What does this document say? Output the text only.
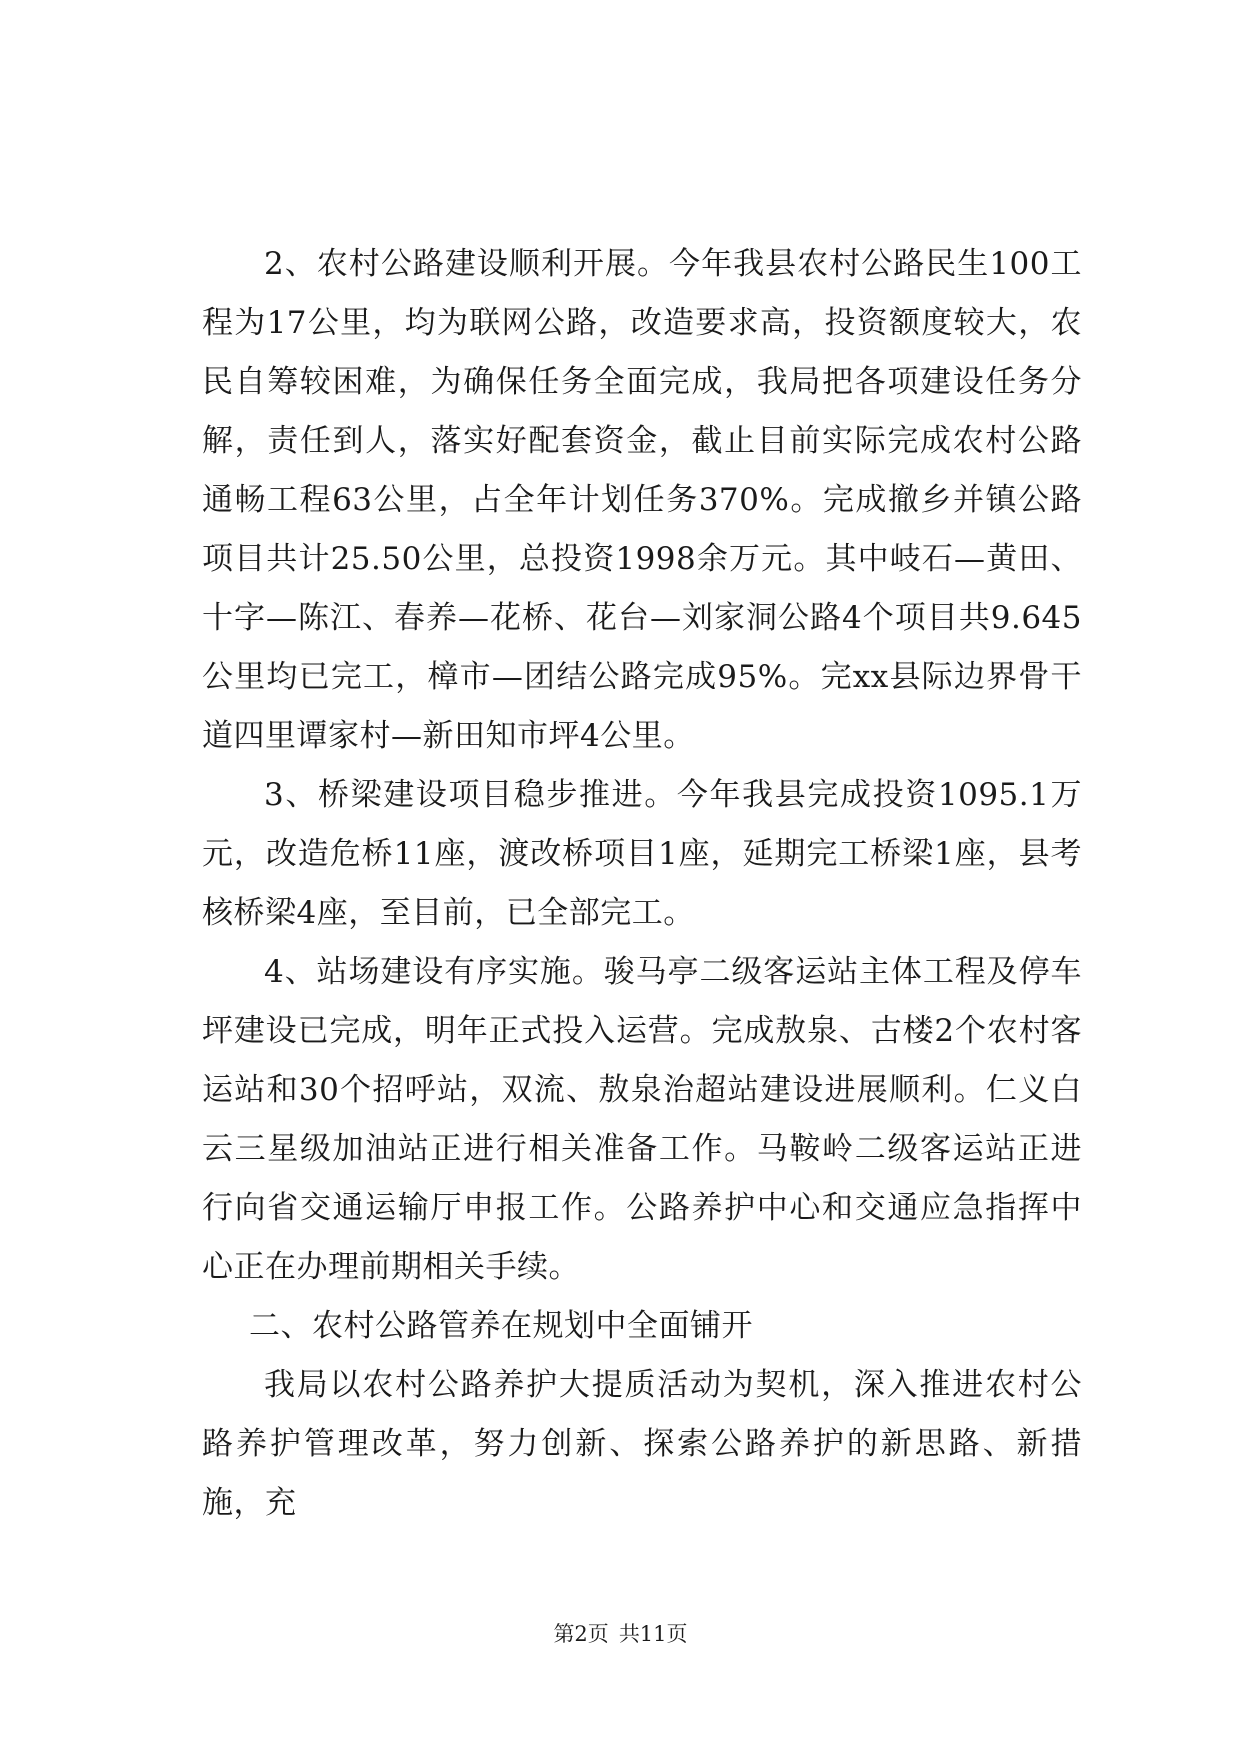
2、农村公路建设顺利开展。今年我县农村公路民生100工程为17公里，均为联网公路，改造要求高，投资额度较大，农民自筹较困难，为确保任务全面完成，我局把各项建设任务分解，责任到人，落实好配套资金，截止目前实际完成农村公路通畅工程63公里，占全年计划任务370%。完成撤乡并镇公路项目共计25.50公里，总投资1998余万元。其中岐石—黄田、十字—陈江、春养—花桥、花台—刘家洞公路4个项目共9.645公里均已完工，樟市—团结公路完成95%。完xx县际边界骨干道四里谭家村—新田知市坪4公里。

3、桥梁建设项目稳步推进。今年我县完成投资1095.1万元，改造危桥11座，渡改桥项目1座，延期完工桥梁1座，县考核桥梁4座，至目前，已全部完工。

4、站场建设有序实施。骏马亭二级客运站主体工程及停车坪建设已完成，明年正式投入运营。完成敖泉、古楼2个农村客运站和30个招呼站，双流、敖泉治超站建设进展顺利。仁义白云三星级加油站正进行相关准备工作。马鞍岭二级客运站正进行向省交通运输厅申报工作。公路养护中心和交通应急指挥中心正在办理前期相关手续。

二、农村公路管养在规划中全面铺开

我局以农村公路养护大提质活动为契机，深入推进农村公路养护管理改革，努力创新、探索公路养护的新思路、新措施，充

第2页 共11页
